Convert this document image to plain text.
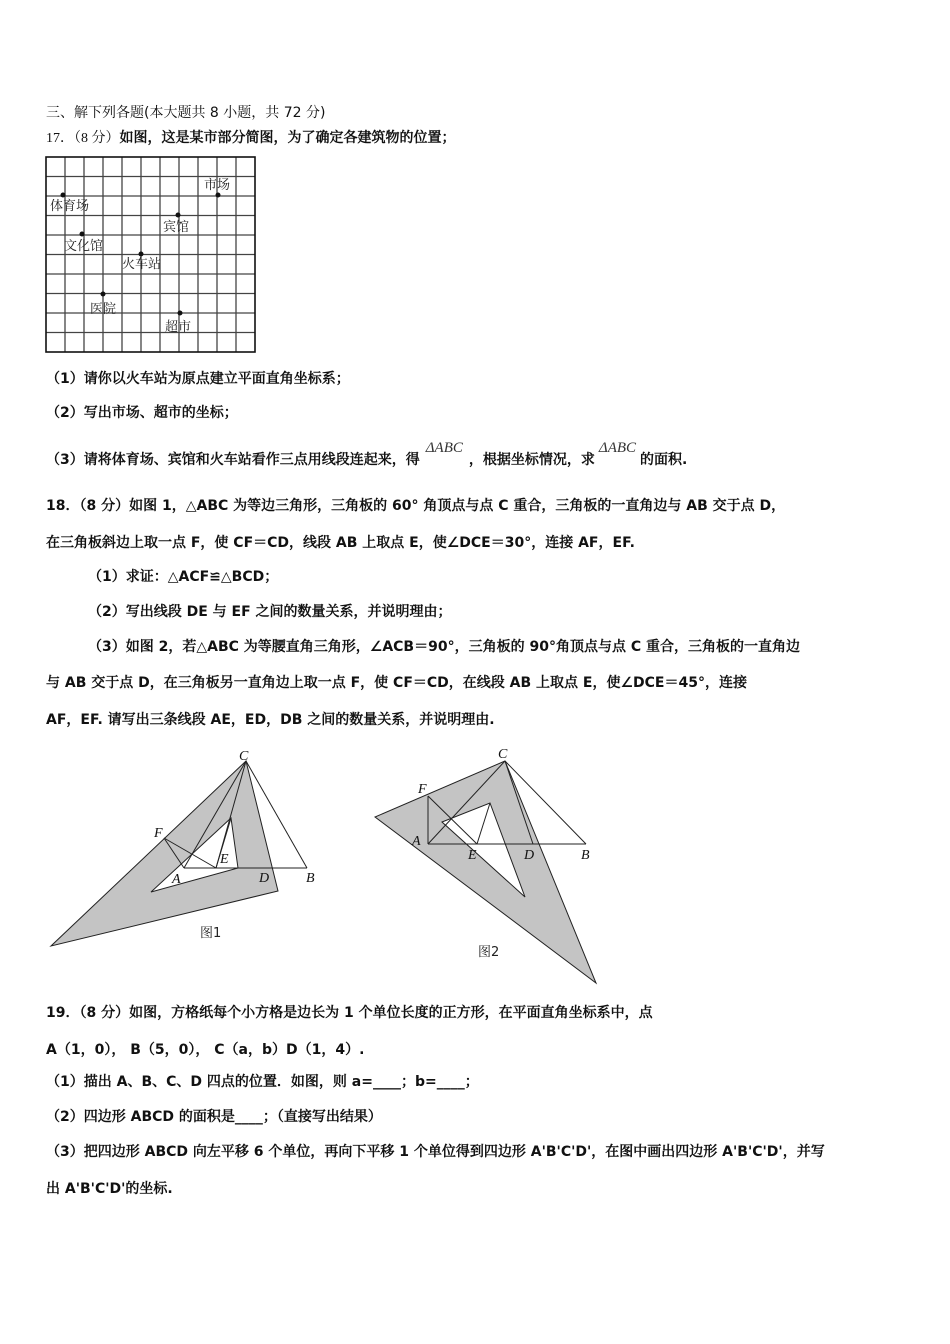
三、解下列各题(本大题共 8 小题，共 72 分)
17．（8 分）如图，这是某市部分简图，为了确定各建筑物的位置；
体育场
文化馆
火车站
宾馆
市场
医院
超市
C
F
A
E
D	B
图1
C
F
A
E	D	B
图2
（1）请你以火车站为原点建立平面直角坐标系；
（2）写出市场、超市的坐标；
（3）请将体育场、宾馆和火车站看作三点用线段连起来，得ΔABC，根据坐标情况，求ΔABC的面积.
18．（8 分）如图 1，△ABC 为等边三角形，三角板的 60° 角顶点与点 C 重合，三角板的一直角边与 AB 交于点 D，
在三角板斜边上取一点 F，使 CF＝CD，线段 AB 上取点 E，使∠DCE＝30°，连接 AF，EF.
（1）求证：△ACF≌△BCD；
（2）写出线段 DE 与 EF 之间的数量关系，并说明理由；
（3）如图 2，若△ABC 为等腰直角三角形，∠ACB＝90°，三角板的 90°角顶点与点 C 重合，三角板的一直角边
与 AB 交于点 D，在三角板另一直角边上取一点 F，使 CF＝CD，在线段 AB 上取点 E，使∠DCE＝45°，连接
AF，EF. 请写出三条线段 AE，ED，DB 之间的数量关系，并说明理由.
19．（8 分）如图，方格纸每个小方格是边长为 1 个单位长度的正方形，在平面直角坐标系中，点
A（1，0）， B（5，0）， C（a，b）D（1，4）.
（1）描出 A、B、C、D 四点的位置．如图，则 a=____；b=____；
（2）四边形 ABCD 的面积是____；（直接写出结果）
（3）把四边形 ABCD 向左平移 6 个单位，再向下平移 1 个单位得到四边形 A'B'C'D'，在图中画出四边形 A'B'C'D'，并写
出 A'B'C'D'的坐标.
